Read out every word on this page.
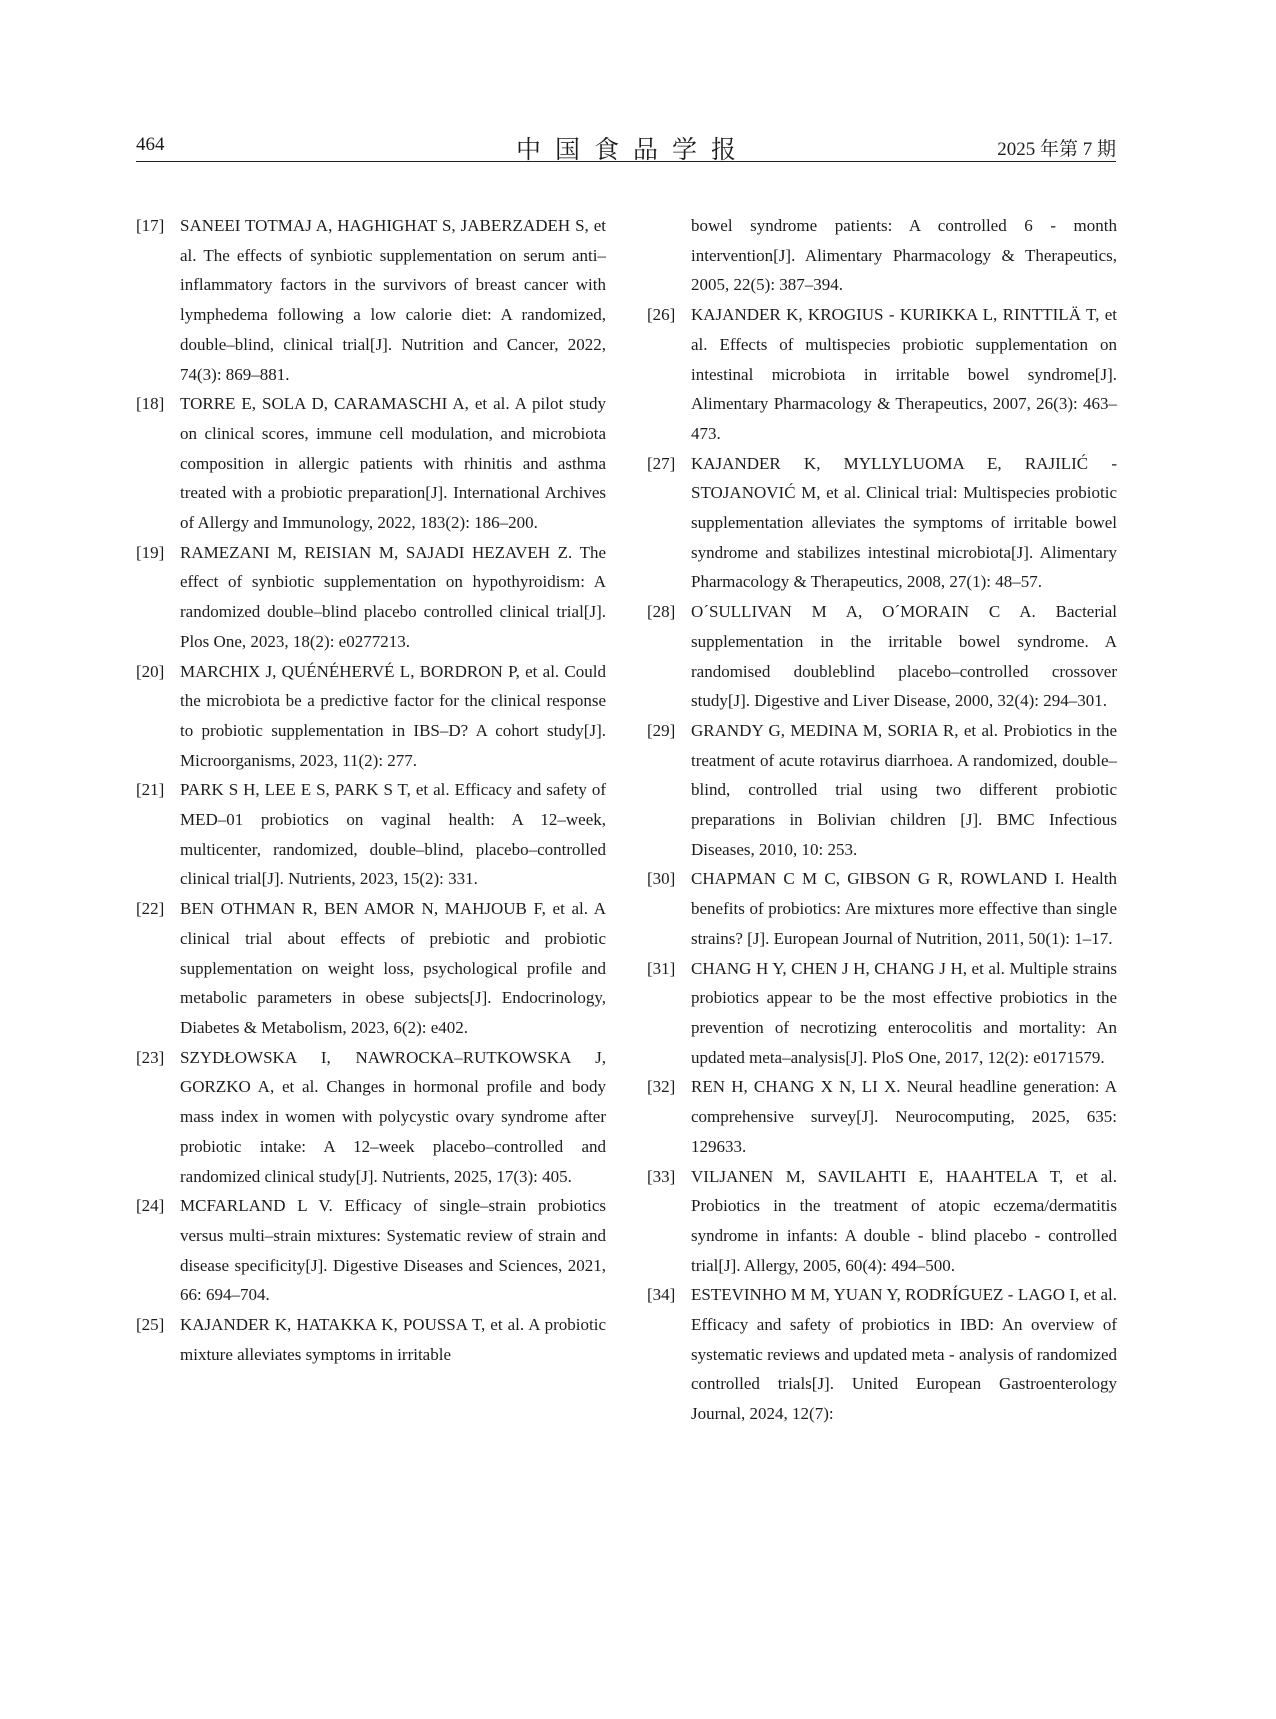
464	中国食品学报	2025 年第 7 期
[17] SANEEI TOTMAJ A, HAGHIGHAT S, JABERZADEH S, et al. The effects of synbiotic supplementation on serum anti–inflammatory factors in the survivors of breast cancer with lymphedema following a low calorie diet: A randomized, double–blind, clinical trial[J]. Nutrition and Cancer, 2022, 74(3): 869–881.
[18] TORRE E, SOLA D, CARAMASCHI A, et al. A pilot study on clinical scores, immune cell modulation, and microbiota composition in allergic patients with rhinitis and asthma treated with a probiotic preparation[J]. International Archives of Allergy and Immunology, 2022, 183(2): 186–200.
[19] RAMEZANI M, REISIAN M, SAJADI HEZAVEH Z. The effect of synbiotic supplementation on hypothyroidism: A randomized double–blind placebo controlled clinical trial[J]. Plos One, 2023, 18(2): e0277213.
[20] MARCHIX J, QUÉNÉHERVÉ L, BORDRON P, et al. Could the microbiota be a predictive factor for the clinical response to probiotic supplementation in IBS–D? A cohort study[J]. Microorganisms, 2023, 11(2): 277.
[21] PARK S H, LEE E S, PARK S T, et al. Efficacy and safety of MED–01 probiotics on vaginal health: A 12–week, multicenter, randomized, double–blind, placebo–controlled clinical trial[J]. Nutrients, 2023, 15(2): 331.
[22] BEN OTHMAN R, BEN AMOR N, MAHJOUB F, et al. A clinical trial about effects of prebiotic and probiotic supplementation on weight loss, psychological profile and metabolic parameters in obese subjects[J]. Endocrinology, Diabetes & Metabolism, 2023, 6(2): e402.
[23] SZYDŁOWSKA I, NAWROCKA–RUTKOWSKA J, GORZKO A, et al. Changes in hormonal profile and body mass index in women with polycystic ovary syndrome after probiotic intake: A 12–week placebo–controlled and randomized clinical study[J]. Nutrients, 2025, 17(3): 405.
[24] MCFARLAND L V. Efficacy of single–strain probiotics versus multi–strain mixtures: Systematic review of strain and disease specificity[J]. Digestive Diseases and Sciences, 2021, 66: 694–704.
[25] KAJANDER K, HATAKKA K, POUSSA T, et al. A probiotic mixture alleviates symptoms in irritable
bowel syndrome patients: A controlled 6 - month intervention[J]. Alimentary Pharmacology & Therapeutics, 2005, 22(5): 387–394.
[26] KAJANDER K, KROGIUS - KURIKKA L, RINTTILÄ T, et al. Effects of multispecies probiotic supplementation on intestinal microbiota in irritable bowel syndrome[J]. Alimentary Pharmacology & Therapeutics, 2007, 26(3): 463–473.
[27] KAJANDER K, MYLLYLUOMA E, RAJILIĆ - STOJANOVIĆ M, et al. Clinical trial: Multispecies probiotic supplementation alleviates the symptoms of irritable bowel syndrome and stabilizes intestinal microbiota[J]. Alimentary Pharmacology & Therapeutics, 2008, 27(1): 48–57.
[28] O´SULLIVAN M A, O´MORAIN C A. Bacterial supplementation in the irritable bowel syndrome. A randomised doubleblind placebo–controlled crossover study[J]. Digestive and Liver Disease, 2000, 32(4): 294–301.
[29] GRANDY G, MEDINA M, SORIA R, et al. Probiotics in the treatment of acute rotavirus diarrhoea. A randomized, double–blind, controlled trial using two different probiotic preparations in Bolivian children [J]. BMC Infectious Diseases, 2010, 10: 253.
[30] CHAPMAN C M C, GIBSON G R, ROWLAND I. Health benefits of probiotics: Are mixtures more effective than single strains? [J]. European Journal of Nutrition, 2011, 50(1): 1–17.
[31] CHANG H Y, CHEN J H, CHANG J H, et al. Multiple strains probiotics appear to be the most effective probiotics in the prevention of necrotizing enterocolitis and mortality: An updated meta–analysis[J]. PloS One, 2017, 12(2): e0171579.
[32] REN H, CHANG X N, LI X. Neural headline generation: A comprehensive survey[J]. Neurocomputing, 2025, 635: 129633.
[33] VILJANEN M, SAVILAHTI E, HAAHTELA T, et al. Probiotics in the treatment of atopic eczema/dermatitis syndrome in infants: A double - blind placebo - controlled trial[J]. Allergy, 2005, 60(4): 494–500.
[34] ESTEVINHO M M, YUAN Y, RODRÍGUEZ - LAGO I, et al. Efficacy and safety of probiotics in IBD: An overview of systematic reviews and updated meta - analysis of randomized controlled trials[J]. United European Gastroenterology Journal, 2024, 12(7):
